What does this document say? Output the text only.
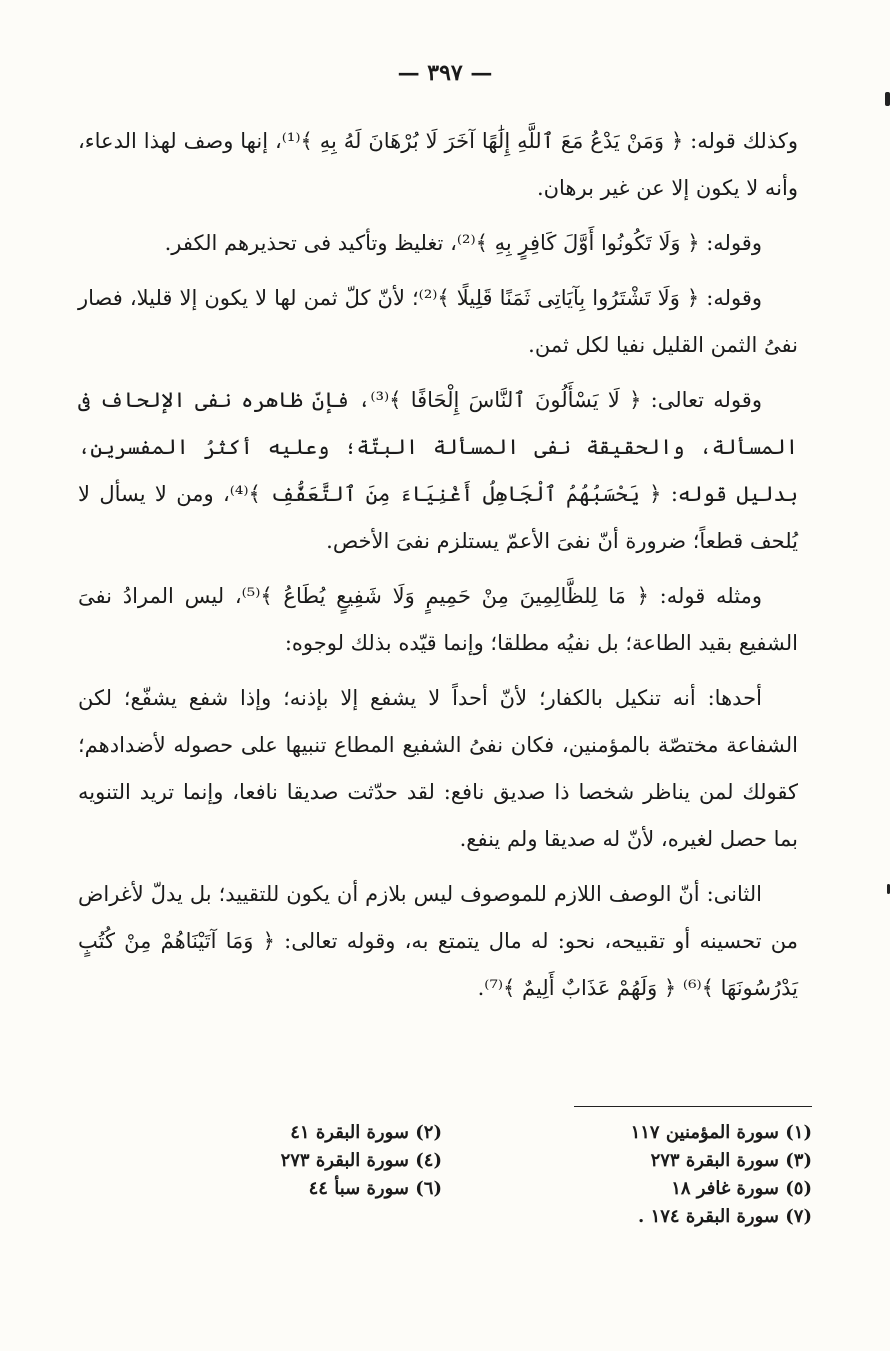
— ٣٩٧ —

وكذلك قوله: ﴿ وَمَنْ يَدْعُ مَعَ ٱللَّهِ إِلَٰهًا آخَرَ لَا بُرْهَانَ لَهُ بِهِ ﴾⁽¹⁾، إنها وصف لهذا الدعاء، وأنه لا يكون إلا عن غير برهان.

وقوله: ﴿ وَلَا تَكُونُوا أَوَّلَ كَافِرٍ بِهِ ﴾⁽²⁾، تغليظ وتأكيد فى تحذيرهم الكفر.

وقوله: ﴿ وَلَا تَشْتَرُوا بِآيَاتِى ثَمَنًا قَلِيلًا ﴾⁽²⁾؛ لأنّ كلّ ثمن لها لا يكون إلا قليلا، فصار نفىُ الثمن القليل نفيا لكل ثمن.

وقوله تعالى: ﴿ لَا يَسْأَلُونَ ٱلنَّاسَ إِلْحَافًا ﴾⁽³⁾، فإنّ ظاهره نفى الإلحاف فى المسألة، والحقيقة نفى المسألة البتّة؛ وعليه أكثرُ المفسرين، بدليل قوله: ﴿ يَحْسَبُهُمُ ٱلْجَاهِلُ أَغْنِيَاءَ مِنَ ٱلتَّعَفُّفِ ﴾⁽⁴⁾، ومن لا يسأل لا يُلحف قطعاً؛ ضرورة أنّ نفىَ الأعمّ يستلزم نفىَ الأخص.

ومثله قوله: ﴿ مَا لِلظَّالِمِينَ مِنْ حَمِيمٍ وَلَا شَفِيعٍ يُطَاعُ ﴾⁽⁵⁾، ليس المرادُ نفىَ الشفيع بقيد الطاعة؛ بل نفيُه مطلقا؛ وإنما قيّده بذلك لوجوه:

أحدها: أنه تنكيل بالكفار؛ لأنّ أحداً لا يشفع إلا بإذنه؛ وإذا شفع يشفّع؛ لكن الشفاعة مختصّة بالمؤمنين، فكان نفىُ الشفيع المطاع تنبيها على حصوله لأضدادهم؛ كقولك لمن يناظر شخصا ذا صديق نافع: لقد حدّثت صديقا نافعا، وإنما تريد التنويه بما حصل لغيره، لأنّ له صديقا ولم ينفع.

الثانى: أنّ الوصف اللازم للموصوف ليس بلازم أن يكون للتقييد؛ بل يدلّ لأغراض من تحسينه أو تقبيحه، نحو: له مال يتمتع به، وقوله تعالى: ﴿ وَمَا آتَيْنَاهُمْ مِنْ كُتُبٍ يَدْرُسُونَهَا ﴾⁽⁶⁾ ﴿ وَلَهُمْ عَذَابٌ أَلِيمٌ ﴾⁽⁷⁾.

(١) سورة المؤمنين ١١٧
(٢) سورة البقرة ٤١
(٣) سورة البقرة ٢٧٣
(٤) سورة البقرة ٢٧٣
(٥) سورة غافر ١٨
(٦) سورة سبأ ٤٤
(٧) سورة البقرة ١٧٤ .
